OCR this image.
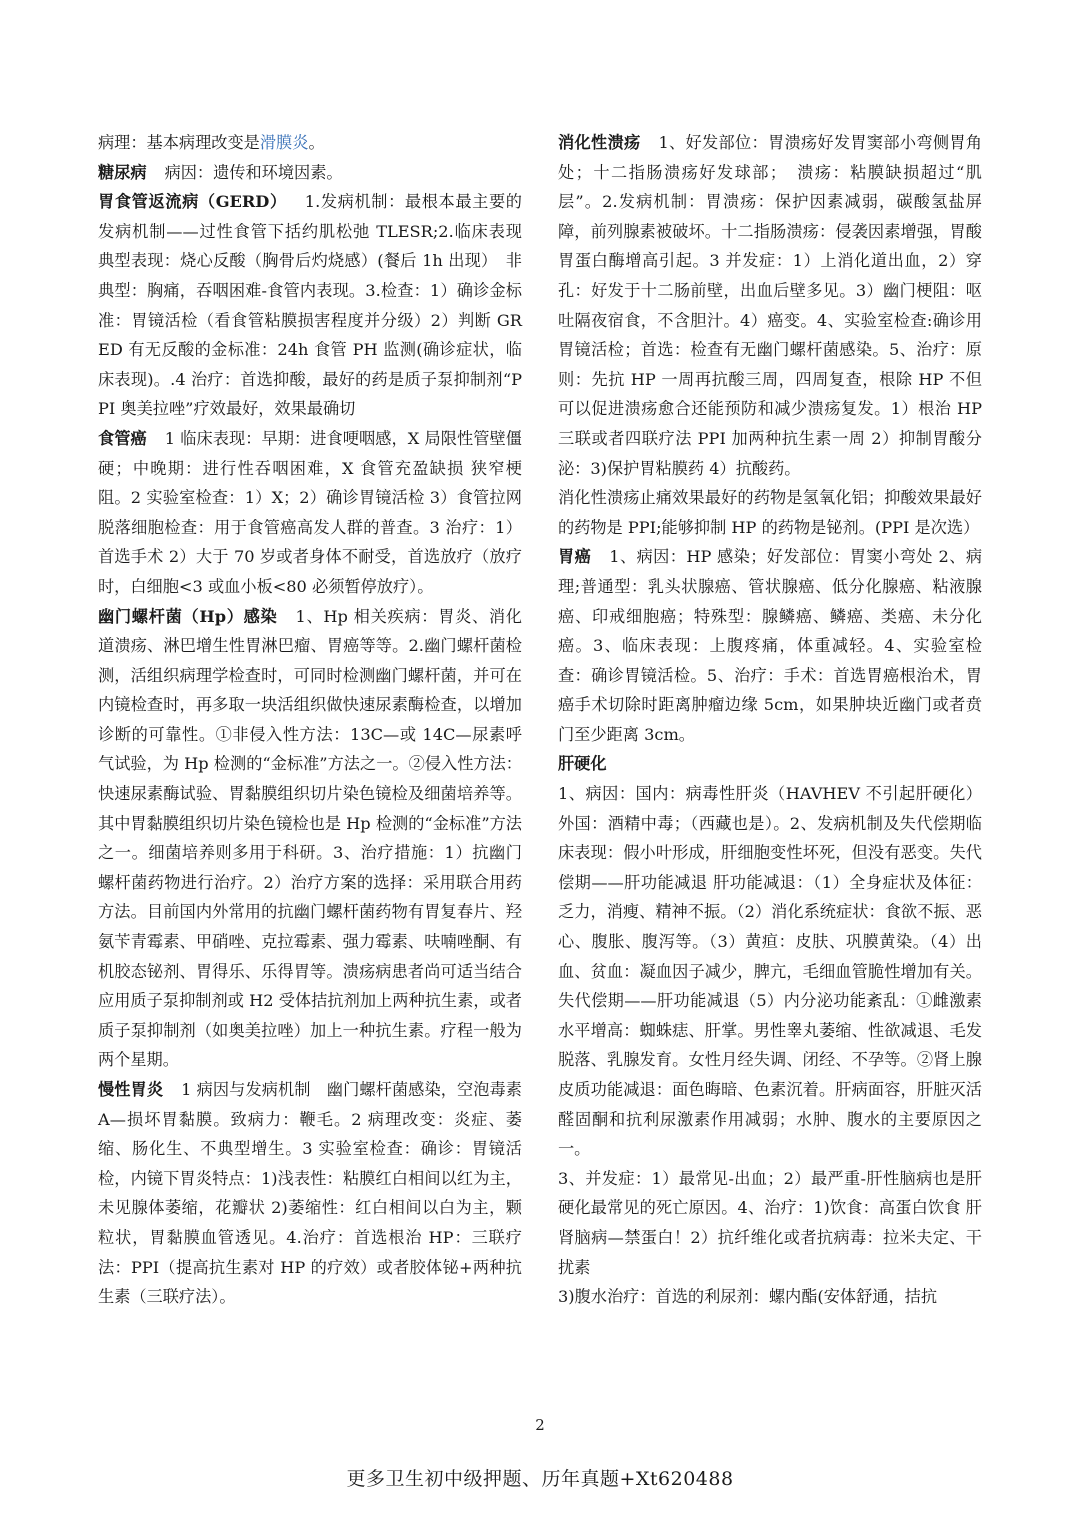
病理：基本病理改变是滑膜炎。

糖尿病 病因：遗传和环境因素。

胃食管返流病（GERD） 1.发病机制：最根本最主要的发病机制——过性食管下括约肌松弛 TLESR;2.临床表现 典型表现：烧心反酸（胸骨后灼烧感）(餐后 1h 出现）　非典型：胸痛，吞咽困难-食管内表现。3.检查：1）确诊金标准：胃镜活检（看食管粘膜损害程度并分级）2）判断 GRED 有无反酸的金标准：24h 食管 PH 监测(确诊症状，临床表现)。.4 治疗：首选抑酸，最好的药是质子泵抑制剂“PPI 奥美拉唑”疗效最好，效果最确切

食管癌 1 临床表现：早期：进食哽咽感，X 局限性管壁僵硬；中晚期：进行性吞咽困难，X 食管充盈缺损 狭窄梗阻。2 实验室检查：1）X；2）确诊胃镜活检 3）食管拉网脱落细胞检查：用于食管癌高发人群的普查。3 治疗：1）首选手术 2）大于 70 岁或者身体不耐受，首选放疗（放疗时，白细胞<3 或血小板<80 必须暂停放疗）。

幽门螺杆菌（Hp）感染 1、Hp 相关疾病：胃炎、消化道溃疡、淋巴增生性胃淋巴瘤、胃癌等等。2.幽门螺杆菌检测，活组织病理学检查时，可同时检测幽门螺杆菌，并可在内镜检查时，再多取一块活组织做快速尿素酶检查，以增加诊断的可靠性。①非侵入性方法：13C—或 14C—尿素呼气试验，为 Hp 检测的“金标准”方法之一。②侵入性方法：快速尿素酶试验、胃黏膜组织切片染色镜检及细菌培养等。其中胃黏膜组织切片染色镜检也是 Hp 检测的“金标准”方法之一。细菌培养则多用于科研。3、治疗措施：1）抗幽门螺杆菌药物进行治疗。2）治疗方案的选择：采用联合用药方法。目前国内外常用的抗幽门螺杆菌药物有胃复春片、羟氨苄青霉素、甲硝唑、克拉霉素、强力霉素、呋喃唑酮、有机胶态铋剂、胃得乐、乐得胃等。溃疡病患者尚可适当结合应用质子泵抑制剂或 H2 受体拮抗剂加上两种抗生素，或者质子泵抑制剂（如奥美拉唑）加上一种抗生素。疗程一般为两个星期。

慢性胃炎 1 病因与发病机制　幽门螺杆菌感染，空泡毒素 A—损坏胃黏膜。致病力：鞭毛。2 病理改变：炎症、萎缩、肠化生、不典型增生。3 实验室检查：确诊：胃镜活检，内镜下胃炎特点：1)浅表性：粘膜红白相间以红为主，未见腺体萎缩，花瓣状 2)萎缩性：红白相间以白为主，颗粒状，胃黏膜血管透见。4.治疗：首选根治 HP：三联疗法：PPI（提高抗生素对 HP 的疗效）或者胶体铋+两种抗生素（三联疗法）。

消化性溃疡 1、好发部位：胃溃疡好发胃窦部小弯侧胃角处；十二指肠溃疡好发球部；　溃疡：粘膜缺损超过“肌层”。2.发病机制：胃溃疡：保护因素减弱，碳酸氢盐屏障，前列腺素被破坏。十二指肠溃疡：侵袭因素增强，胃酸胃蛋白酶增高引起。3 并发症：1）上消化道出血，2）穿孔：好发于十二肠前壁，出血后壁多见。3）幽门梗阻：呕吐隔夜宿食，不含胆汁。4）癌变。4、实验室检查:确诊用胃镜活检；首选：检查有无幽门螺杆菌感染。5、治疗：原则：先抗 HP 一周再抗酸三周，四周复查，根除 HP 不但可以促进溃疡愈合还能预防和减少溃疡复发。1）根治 HP 三联或者四联疗法 PPI 加两种抗生素一周 2）抑制胃酸分泌：3)保护胃粘膜药 4）抗酸药。

消化性溃疡止痛效果最好的药物是氢氧化铝；抑酸效果最好的药物是 PPI;能够抑制 HP 的药物是铋剂。(PPI 是次选）

胃癌 1、病因：HP 感染；好发部位：胃窦小弯处 2、病理;普通型：乳头状腺癌、管状腺癌、低分化腺癌、粘液腺癌、印戒细胞癌；特殊型：腺鳞癌、鳞癌、类癌、未分化癌。3、临床表现：上腹疼痛，体重减轻。4、实验室检查：确诊胃镜活检。5、治疗：手术：首选胃癌根治术，胃癌手术切除时距离肿瘤边缘 5cm，如果肿块近幽门或者贲门至少距离 3cm。

肝硬化

1、病因：国内：病毒性肝炎（HAVHEV 不引起肝硬化）外国：酒精中毒；（西藏也是）。2、发病机制及失代偿期临床表现：假小叶形成，肝细胞变性坏死，但没有恶变。失代偿期——肝功能减退 肝功能减退：（1）全身症状及体征：乏力，消瘦、精神不振。（2）消化系统症状：食欲不振、恶心、腹胀、腹泻等。（3）黄疸：皮肤、巩膜黄染。（4）出血、贫血：凝血因子减少，脾亢，毛细血管脆性增加有关。失代偿期——肝功能减退（5）内分泌功能紊乱：①雌激素水平增高：蜘蛛痣、肝掌。男性睾丸萎缩、性欲减退、毛发脱落、乳腺发育。女性月经失调、闭经、不孕等。②肾上腺皮质功能减退：面色晦暗、色素沉着。肝病面容，肝脏灭活醛固酮和抗利尿激素作用减弱；水肿、腹水的主要原因之一。

3、并发症：1）最常见-出血；2）最严重-肝性脑病也是肝硬化最常见的死亡原因。4、治疗：1)饮食：高蛋白饮食 肝肾脑病—禁蛋白！2）抗纤维化或者抗病毒：拉米夫定、干扰素

3)腹水治疗：首选的利尿剂：螺内酯(安体舒通，拮抗

2
更多卫生初中级押题、历年真题+Xt620488
